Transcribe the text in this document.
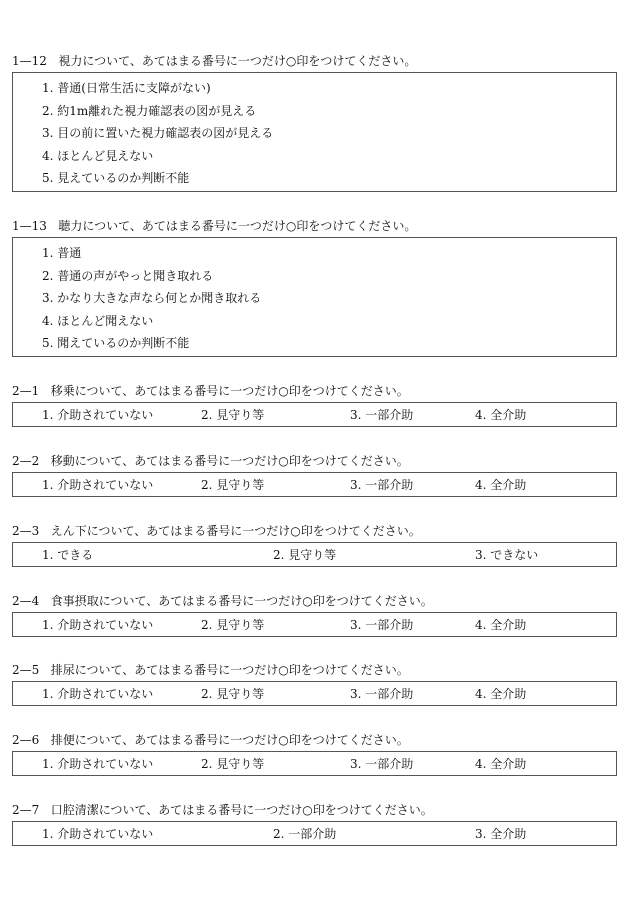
1—12 視力について、あてはまる番号に一つだけ○印をつけてください。
1. 普通(日常生活に支障がない)
2. 約1m離れた視力確認表の図が見える
3. 目の前に置いた視力確認表の図が見える
4. ほとんど見えない
5. 見えているのか判断不能
1—13 聴力について、あてはまる番号に一つだけ○印をつけてください。
1. 普通
2. 普通の声がやっと聞き取れる
3. かなり大きな声なら何とか聞き取れる
4. ほとんど聞えない
5. 聞えているのか判断不能
2—1 移乗について、あてはまる番号に一つだけ○印をつけてください。
1. 介助されていない	2. 見守り等	3. 一部介助	4. 全介助
2—2 移動について、あてはまる番号に一つだけ○印をつけてください。
1. 介助されていない	2. 見守り等	3. 一部介助	4. 全介助
2—3 えん下について、あてはまる番号に一つだけ○印をつけてください。
1. できる	2. 見守り等	3. できない
2—4 食事摂取について、あてはまる番号に一つだけ○印をつけてください。
1. 介助されていない	2. 見守り等	3. 一部介助	4. 全介助
2—5 排尿について、あてはまる番号に一つだけ○印をつけてください。
1. 介助されていない	2. 見守り等	3. 一部介助	4. 全介助
2—6 排便について、あてはまる番号に一つだけ○印をつけてください。
1. 介助されていない	2. 見守り等	3. 一部介助	4. 全介助
2—7 口腔清潔について、あてはまる番号に一つだけ○印をつけてください。
1. 介助されていない	2. 一部介助	3. 全介助
